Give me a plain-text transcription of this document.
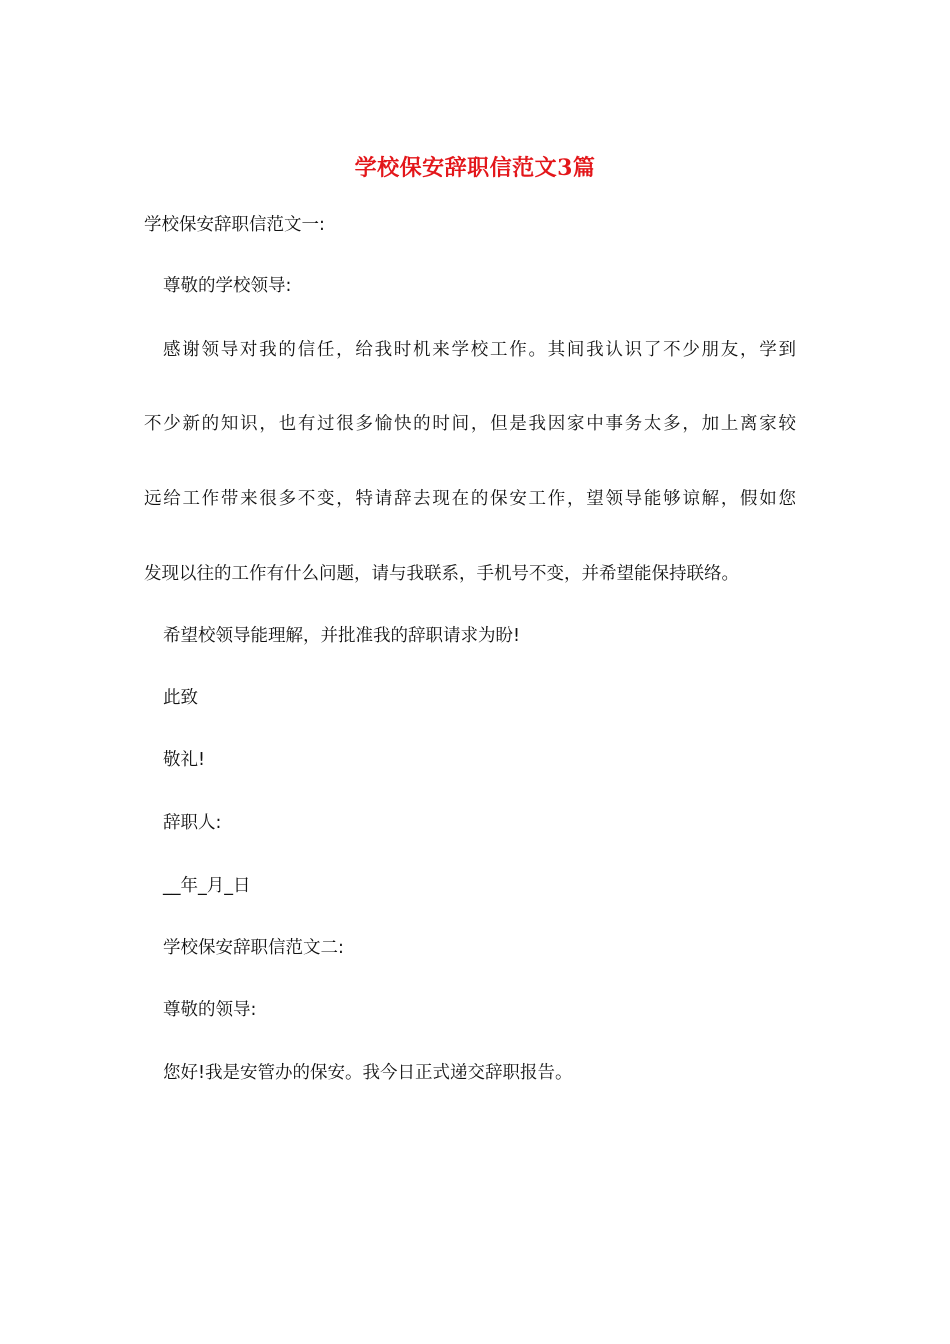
学校保安辞职信范文3篇
学校保安辞职信范文一:
尊敬的学校领导:
感谢领导对我的信任，给我时机来学校工作。其间我认识了不少朋友，学到
不少新的知识，也有过很多愉快的时间，但是我因家中事务太多，加上离家较
远给工作带来很多不变，特请辞去现在的保安工作，望领导能够谅解，假如您
发现以往的工作有什么问题，请与我联系，手机号不变，并希望能保持联络。
希望校领导能理解，并批准我的辞职请求为盼!
此致
敬礼!
辞职人:
__年_月_日
学校保安辞职信范文二:
尊敬的领导:
您好!我是安管办的保安。我今日正式递交辞职报告。
